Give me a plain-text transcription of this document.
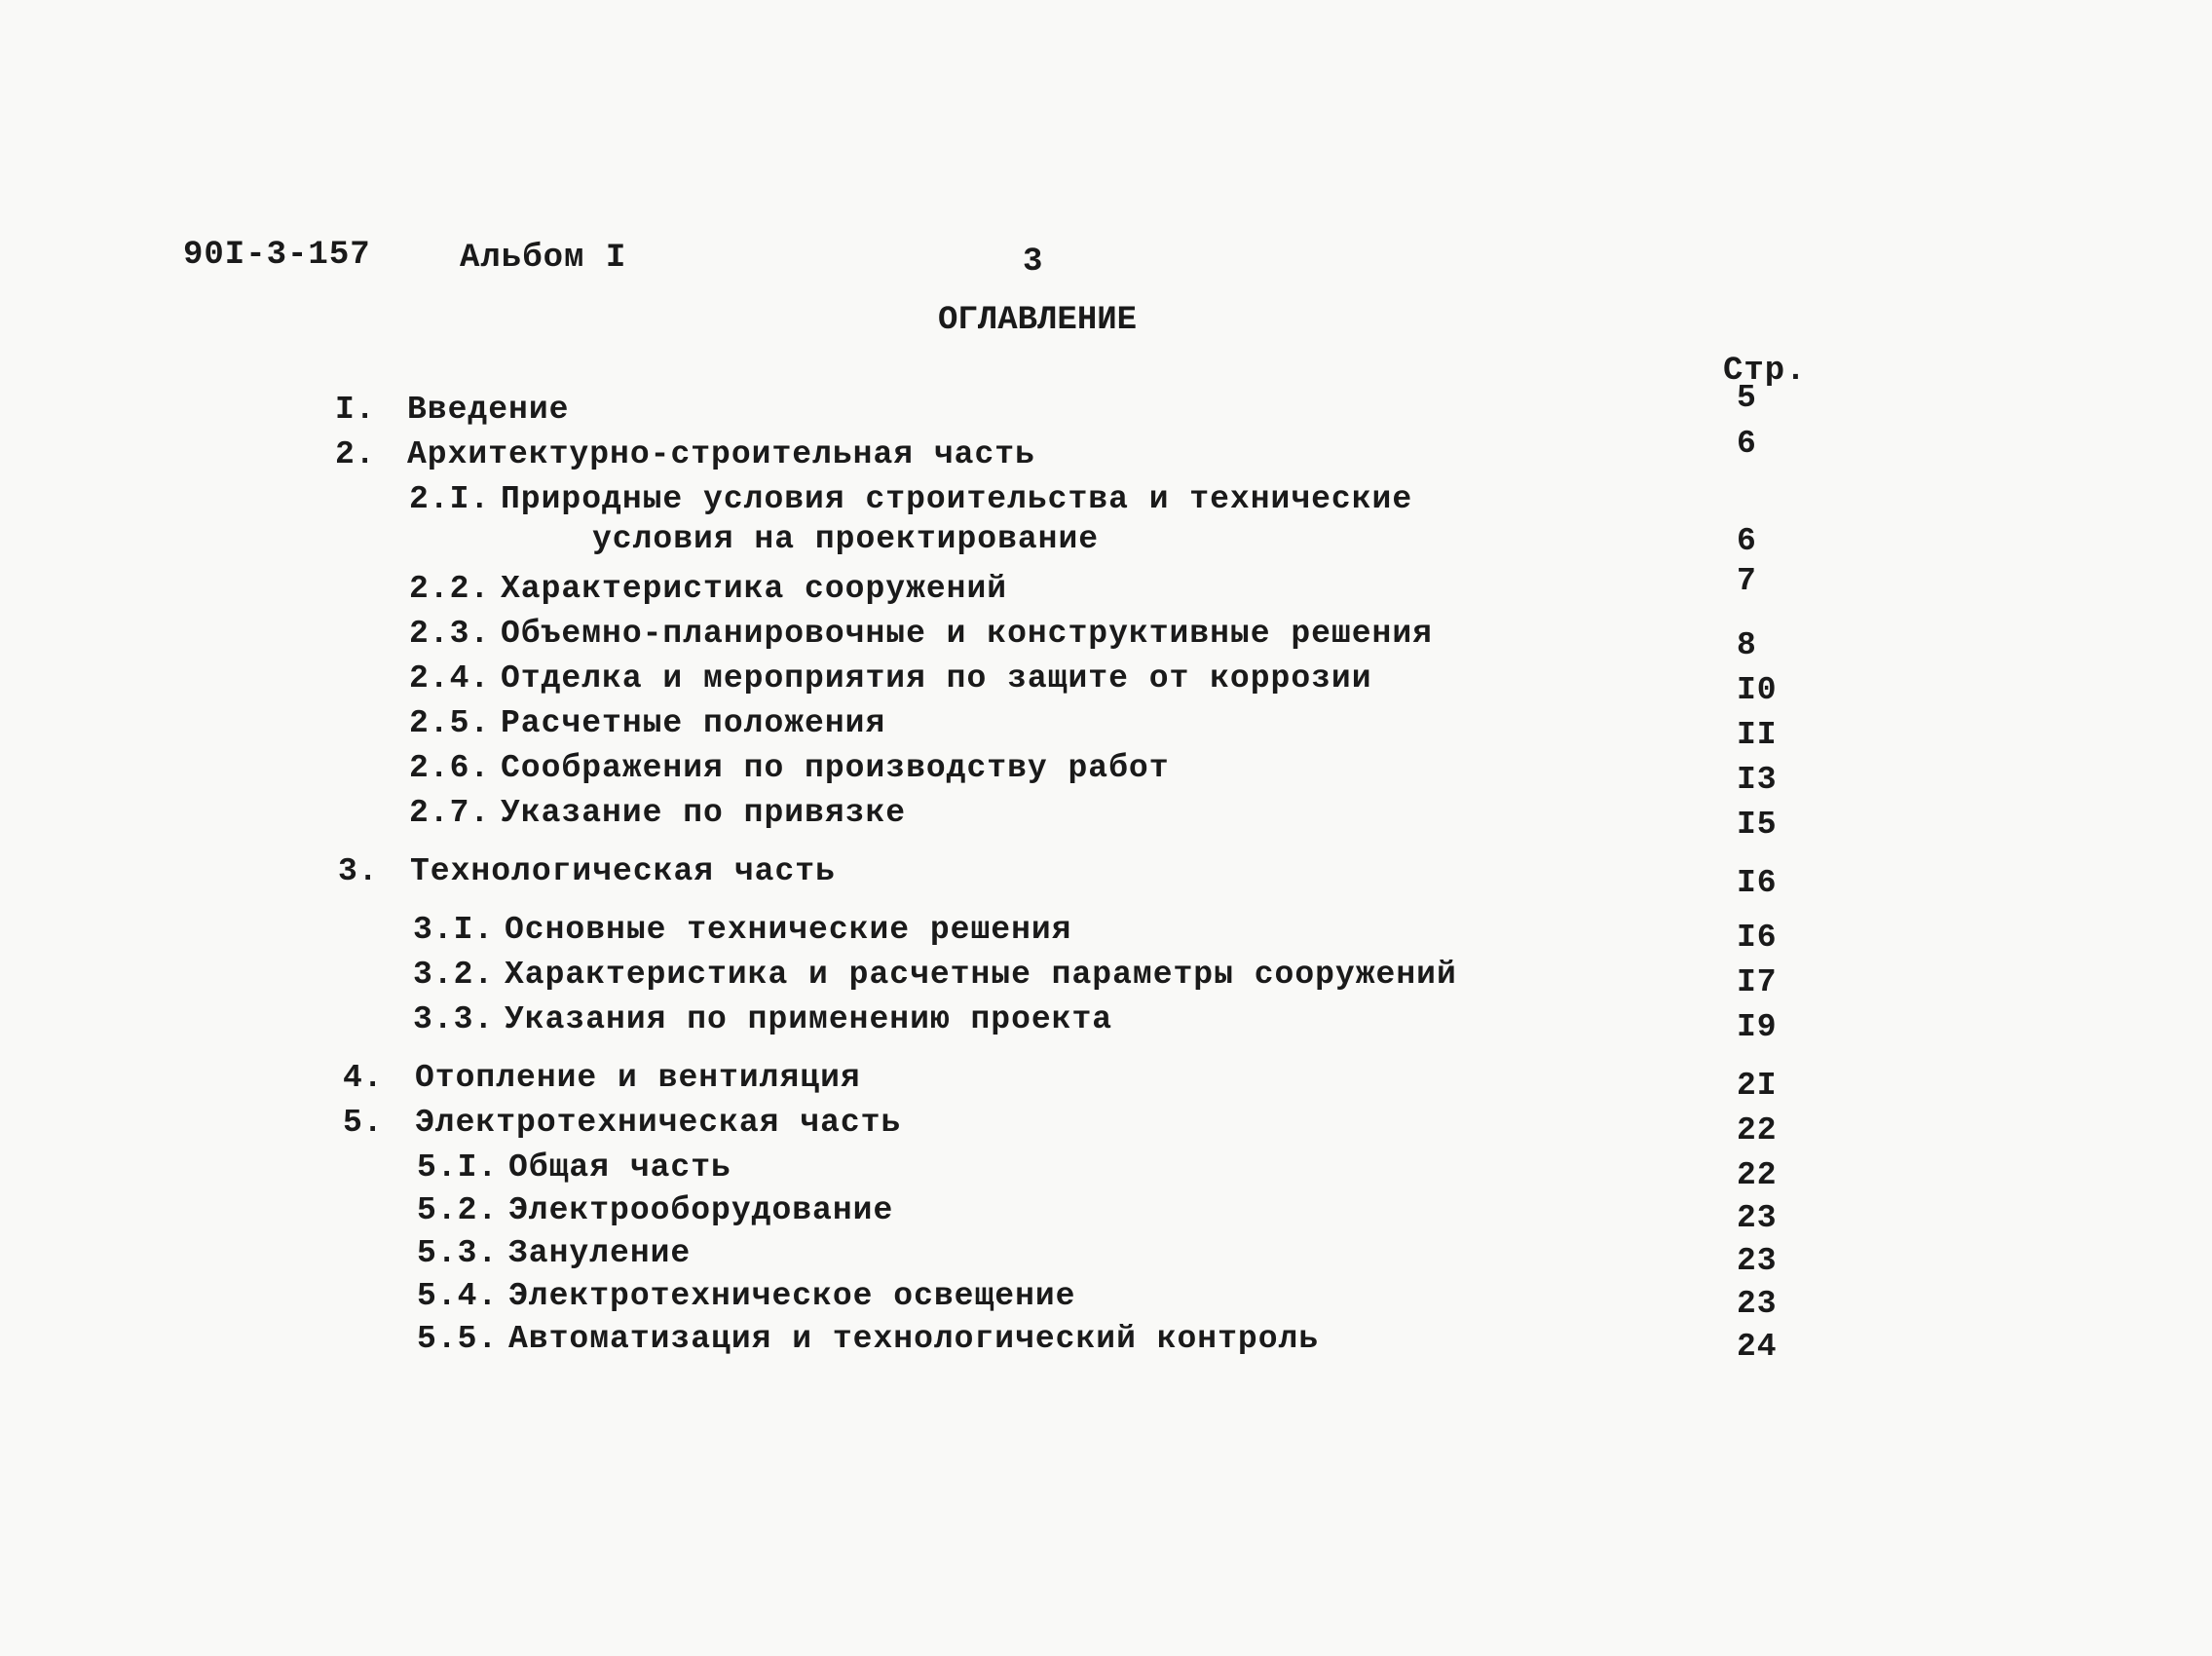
90I-3-157	Альбом I	3
ОГЛАВЛЕНИЕ
Стр.
I. Введение	5
2. Архитектурно-строительная часть	6
2.I. Природные условия строительства и технические
условия на проектирование	6
2.2. Характеристика сооружений	7
2.3. Объемно-планировочные и конструктивные решения	8
2.4. Отделка и мероприятия по защите от коррозии	I0
2.5. Расчетные положения	II
2.6. Соображения по производству работ	I3
2.7. Указание по привязке	I5
3. Технологическая часть	I6
3.I. Основные технические решения	I6
3.2. Характеристика и расчетные параметры сооружений	I7
3.3. Указания по применению проекта	I9
4. Отопление и вентиляция	2I
5. Электротехническая часть	22
5.I. Общая часть	22
5.2. Электрооборудование	23
5.3. Зануление	23
5.4. Электротехническое освещение	23
5.5. Автоматизация и технологический контроль	24
